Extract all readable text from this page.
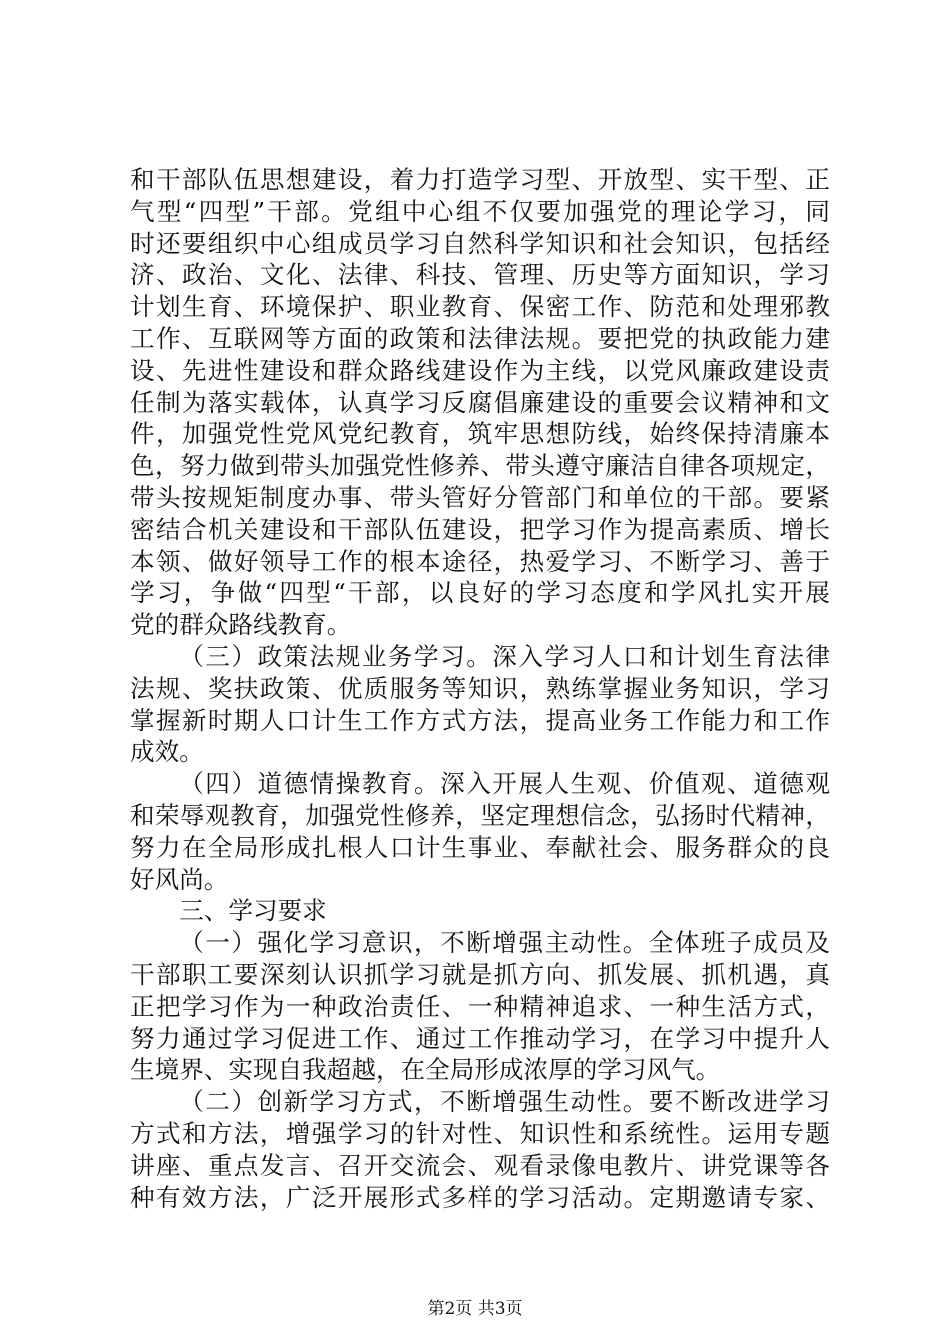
和干部队伍思想建设，着力打造学习型、开放型、实干型、正
气型“四型”干部。党组中心组不仅要加强党的理论学习，同
时还要组织中心组成员学习自然科学知识和社会知识，包括经
济、政治、文化、法律、科技、管理、历史等方面知识，学习
计划生育、环境保护、职业教育、保密工作、防范和处理邪教
工作、互联网等方面的政策和法律法规。要把党的执政能力建
设、先进性建设和群众路线建设作为主线，以党风廉政建设责
任制为落实载体，认真学习反腐倡廉建设的重要会议精神和文
件，加强党性党风党纪教育，筑牢思想防线，始终保持清廉本
色，努力做到带头加强党性修养、带头遵守廉洁自律各项规定，
带头按规矩制度办事、带头管好分管部门和单位的干部。要紧
密结合机关建设和干部队伍建设，把学习作为提高素质、增长
本领、做好领导工作的根本途径，热爱学习、不断学习、善于
学习，争做“四型“干部，以良好的学习态度和学风扎实开展
党的群众路线教育。
（三）政策法规业务学习。深入学习人口和计划生育法律
法规、奖扶政策、优质服务等知识，熟练掌握业务知识，学习
掌握新时期人口计生工作方式方法，提高业务工作能力和工作
成效。
（四）道德情操教育。深入开展人生观、价值观、道德观
和荣辱观教育，加强党性修养，坚定理想信念，弘扬时代精神，
努力在全局形成扎根人口计生事业、奉献社会、服务群众的良
好风尚。
三、学习要求
（一）强化学习意识，不断增强主动性。全体班子成员及
干部职工要深刻认识抓学习就是抓方向、抓发展、抓机遇，真
正把学习作为一种政治责任、一种精神追求、一种生活方式，
努力通过学习促进工作、通过工作推动学习，在学习中提升人
生境界、实现自我超越，在全局形成浓厚的学习风气。
（二）创新学习方式，不断增强生动性。要不断改进学习
方式和方法，增强学习的针对性、知识性和系统性。运用专题
讲座、重点发言、召开交流会、观看录像电教片、讲党课等各
种有效方法，广泛开展形式多样的学习活动。定期邀请专家、
第2页 共3页
